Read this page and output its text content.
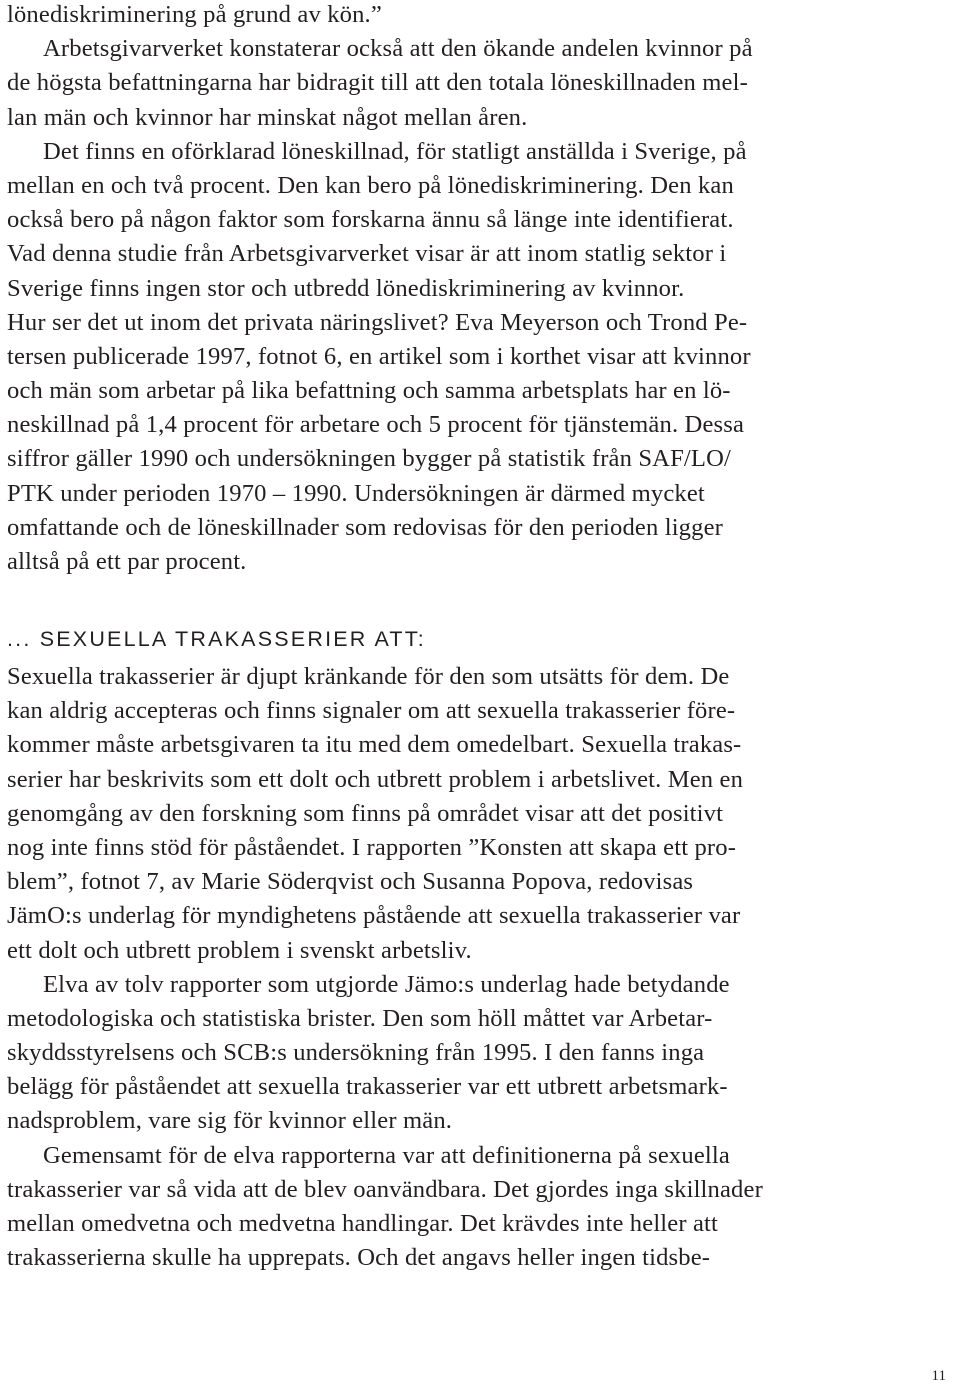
lönediskriminering på grund av kön.”
Arbetsgivarverket konstaterar också att den ökande andelen kvinnor på
de högsta befattningarna har bidragit till att den totala löneskillnaden mel-
lan män och kvinnor har minskat något mellan åren.
Det finns en oförklarad löneskillnad, för statligt anställda i Sverige, på
mellan en och två procent. Den kan bero på lönediskriminering. Den kan
också bero på någon faktor som forskarna ännu så länge inte identifierat.
Vad denna studie från Arbetsgivarverket visar är att inom statlig sektor i
Sverige finns ingen stor och utbredd lönediskriminering av kvinnor.
Hur ser det ut inom det privata näringslivet? Eva Meyerson och Trond Pe-
tersen publicerade 1997, fotnot 6, en artikel som i korthet visar att kvinnor
och män som arbetar på lika befattning och samma arbetsplats har en lö-
neskillnad på 1,4 procent för arbetare och 5 procent för tjänstemän. Dessa
siffror gäller 1990 och undersökningen bygger på statistik från SAF/LO/
PTK under perioden 1970 – 1990. Undersökningen är därmed mycket
omfattande och de löneskillnader som redovisas för den perioden ligger
alltså på ett par procent.
... SEXUELLA TRAKASSERIER ATT:
Sexuella trakasserier är djupt kränkande för den som utsätts för dem. De
kan aldrig accepteras och finns signaler om att sexuella trakasserier före-
kommer måste arbetsgivaren ta itu med dem omedelbart. Sexuella trakas-
serier har beskrivits som ett dolt och utbrett problem i arbetslivet. Men en
genomgång av den forskning som finns på området visar att det positivt
nog inte finns stöd för påståendet. I rapporten ”Konsten att skapa ett pro-
blem”, fotnot 7, av Marie Söderqvist och Susanna Popova, redovisas
JämO:s underlag för myndighetens påstående att sexuella trakasserier var
ett dolt och utbrett problem i svenskt arbetsliv.
Elva av tolv rapporter som utgjorde Jämo:s underlag hade betydande
metodologiska och statistiska brister. Den som höll måttet var Arbetar-
skyddsstyrelsens och SCB:s undersökning från 1995. I den fanns inga
belägg för påståendet att sexuella trakasserier var ett utbrett arbetsmark-
nadsproblem, vare sig för kvinnor eller män.
Gemensamt för de elva rapporterna var att definitionerna på sexuella
trakasserier var så vida att de blev oanvändbara. Det gjordes inga skillnader
mellan omedvetna och medvetna handlingar. Det krävdes inte heller att
trakasserierna skulle ha upprepats. Och det angavs heller ingen tidsbe-
11
